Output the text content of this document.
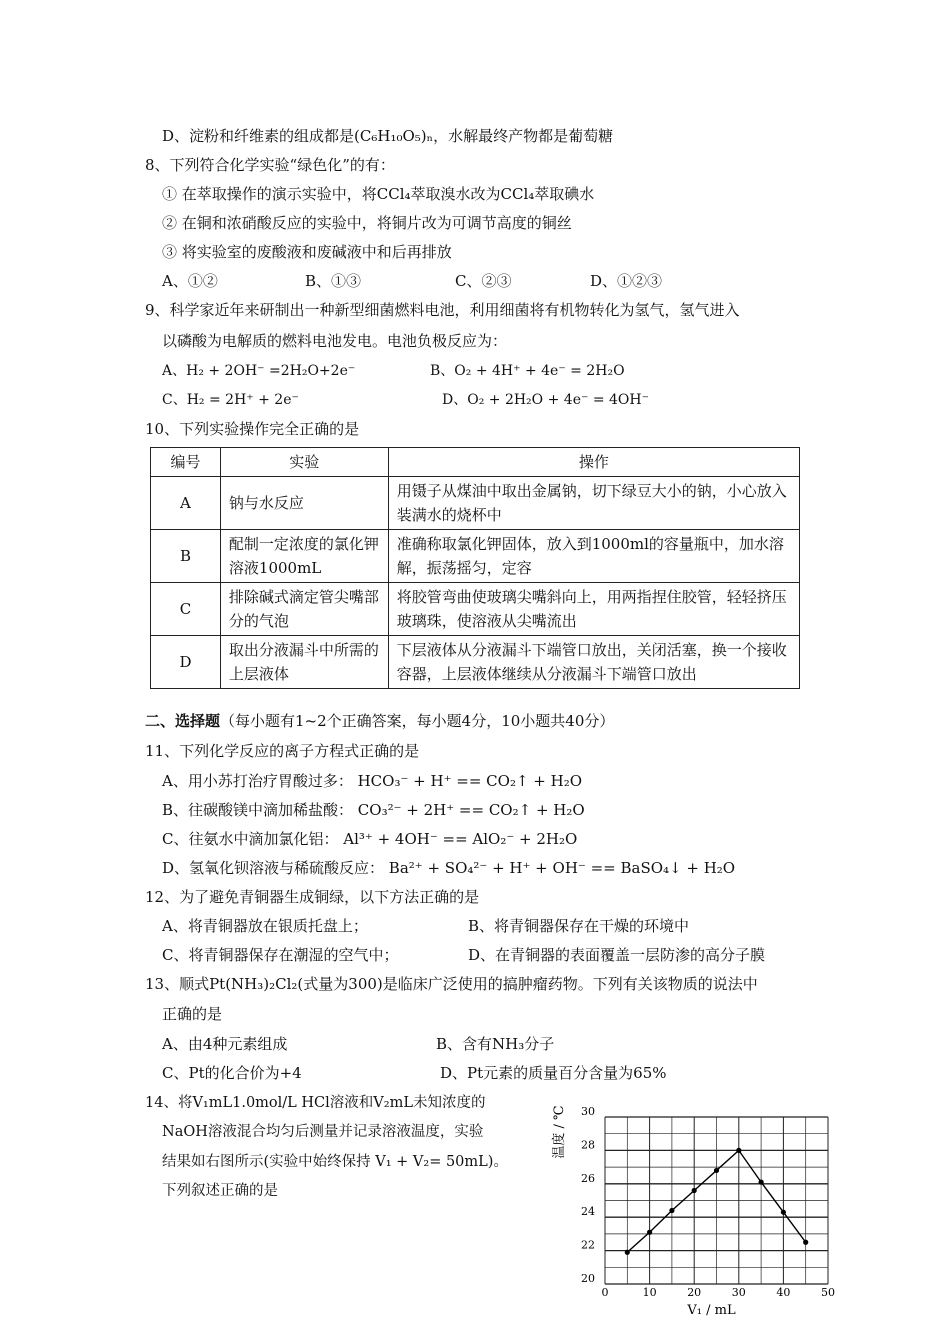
D、淀粉和纤维素的组成都是(C₆H₁₀O₅)ₙ，水解最终产物都是葡萄糖
8、下列符合化学实验“绿色化”的有：
① 在萃取操作的演示实验中，将CCl₄萃取溴水改为CCl₄萃取碘水
② 在铜和浓硝酸反应的实验中，将铜片改为可调节高度的铜丝
③ 将实验室的废酸液和废碱液中和后再排放
A、①②	B、①③	C、②③	D、①②③
9、科学家近年来研制出一种新型细菌燃料电池，利用细菌将有机物转化为氢气，氢气进入
以磷酸为电解质的燃料电池发电。电池负极反应为：
A、H₂ + 2OH⁻ =2H₂O+2e⁻	B、O₂ + 4H⁺ + 4e⁻ = 2H₂O
C、H₂ = 2H⁺ + 2e⁻	D、O₂ + 2H₂O + 4e⁻ = 4OH⁻
10、下列实验操作完全正确的是
编号	实验	操作
A	钠与水反应	用镊子从煤油中取出金属钠，切下绿豆大小的钠，小心放入装满水的烧杯中
B	配制一定浓度的氯化钾溶液1000mL	准确称取氯化钾固体，放入到1000ml的容量瓶中，加水溶解，振荡摇匀，定容
C	排除碱式滴定管尖嘴部分的气泡	将胶管弯曲使玻璃尖嘴斜向上，用两指捏住胶管，轻轻挤压玻璃珠，使溶液从尖嘴流出
D	取出分液漏斗中所需的上层液体	下层液体从分液漏斗下端管口放出，关闭活塞，换一个接收容器，上层液体继续从分液漏斗下端管口放出
二、选择题（每小题有1~2个正确答案，每小题4分，10小题共40分）
11、下列化学反应的离子方程式正确的是
A、用小苏打治疗胃酸过多： HCO₃⁻ + H⁺ == CO₂↑ + H₂O
B、往碳酸镁中滴加稀盐酸： CO₃²⁻ + 2H⁺ == CO₂↑ + H₂O
C、往氨水中滴加氯化铝： Al³⁺ + 4OH⁻ == AlO₂⁻ + 2H₂O
D、氢氧化钡溶液与稀硫酸反应： Ba²⁺ + SO₄²⁻ + H⁺ + OH⁻ == BaSO₄↓ + H₂O
12、为了避免青铜器生成铜绿，以下方法正确的是
A、将青铜器放在银质托盘上；	B、将青铜器保存在干燥的环境中
C、将青铜器保存在潮湿的空气中；	D、在青铜器的表面覆盖一层防渗的高分子膜
13、顺式Pt(NH₃)₂Cl₂(式量为300)是临床广泛使用的搞肿瘤药物。下列有关该物质的说法中
正确的是
A、由4种元素组成	B、含有NH₃分子
C、Pt的化合价为+4	D、Pt元素的质量百分含量为65%
14、将V₁mL1.0mol/L HCl溶液和V₂mL未知浓度的
NaOH溶液混合均匀后测量并记录溶液温度，实验
结果如右图所示(实验中始终保持 V₁ + V₂= 50mL)。
下列叙述正确的是
0	10	20	30	40	50
20
22
24
26
28
30
V₁ / mL
温度 / ℃
